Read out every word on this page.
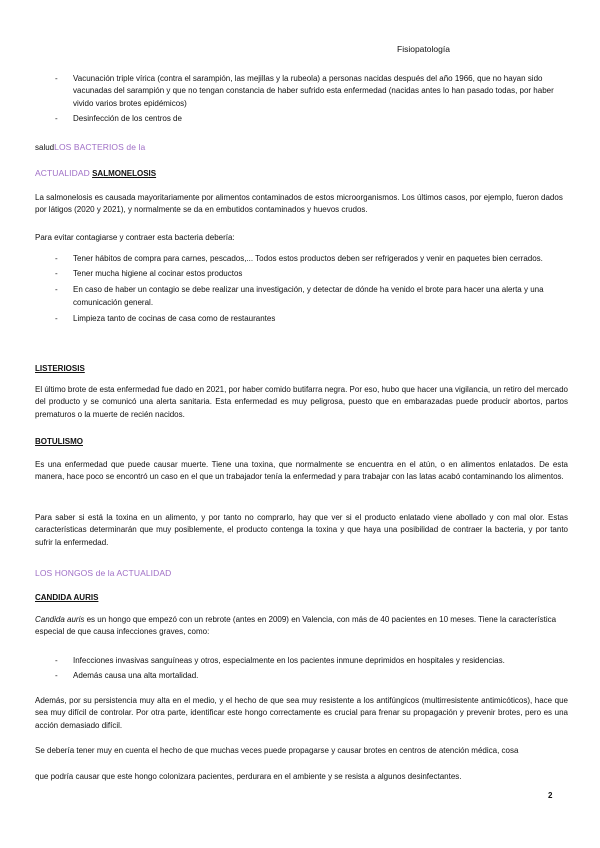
Fisiopatología
- Vacunación triple vírica (contra el sarampión, las mejillas y la rubeola) a personas nacidas después del año 1966, que no hayan sido vacunadas del sarampión y que no tengan constancia de haber sufrido esta enfermedad (nacidas antes lo han pasado todas, por haber vivido varios brotes epidémicos)
- Desinfección de los centros de
saludLOS BACTERIOS de la
ACTUALIDAD SALMONELOSIS
La salmonelosis es causada mayoritariamente por alimentos contaminados de estos microorganismos. Los últimos casos, por ejemplo, fueron dados por látigos (2020 y 2021), y normalmente se da en embutidos contaminados y huevos crudos.
Para evitar contagiarse y contraer esta bacteria debería:
- Tener hábitos de compra para carnes, pescados,... Todos estos productos deben ser refrigerados y venir en paquetes bien cerrados.
- Tener mucha higiene al cocinar estos productos
- En caso de haber un contagio se debe realizar una investigación, y detectar de dónde ha venido el brote para hacer una alerta y una
comunicación general.
- Limpieza tanto de cocinas de casa como de restaurantes
LISTERIOSIS
El último brote de esta enfermedad fue dado en 2021, por haber comido butifarra negra. Por eso, hubo que hacer una vigilancia, un retiro del mercado del producto y se comunicó una alerta sanitaria. Esta enfermedad es muy peligrosa, puesto que en embarazadas puede producir abortos, partos prematuros o la muerte de recién nacidos.
BOTULISMO
Es una enfermedad que puede causar muerte. Tiene una toxina, que normalmente se encuentra en el atún, o en alimentos enlatados. De esta manera, hace poco se encontró un caso en el que un trabajador tenía la enfermedad y para trabajar con las latas acabó contaminando los alimentos.
Para saber si está la toxina en un alimento, y por tanto no comprarlo, hay que ver si el producto enlatado viene abollado y con mal olor. Estas características determinarán que muy posiblemente, el producto contenga la toxina y que haya una posibilidad de contraer la bacteria, y por tanto sufrir la enfermedad.
LOS HONGOS de la ACTUALIDAD
CANDIDA AURIS
Candida auris es un hongo que empezó con un rebrote (antes en 2009) en Valencia, con más de 40 pacientes en 10 meses. Tiene la característica especial de que causa infecciones graves, como:
- Infecciones invasivas sanguíneas y otros, especialmente en los pacientes inmune deprimidos en hospitales y residencias.
- Además causa una alta mortalidad.
Además, por su persistencia muy alta en el medio, y el hecho de que sea muy resistente a los antifúngicos (multirresistente antimicóticos), hace que sea muy difícil de controlar. Por otra parte, identificar este hongo correctamente es crucial para frenar su propagación y prevenir brotes, pero es una acción demasiado difícil.
Se debería tener muy en cuenta el hecho de que muchas veces puede propagarse y causar brotes en centros de atención médica, cosa
que podría causar que este hongo colonizara pacientes, perdurara en el ambiente y se resista a algunos desinfectantes.
2
